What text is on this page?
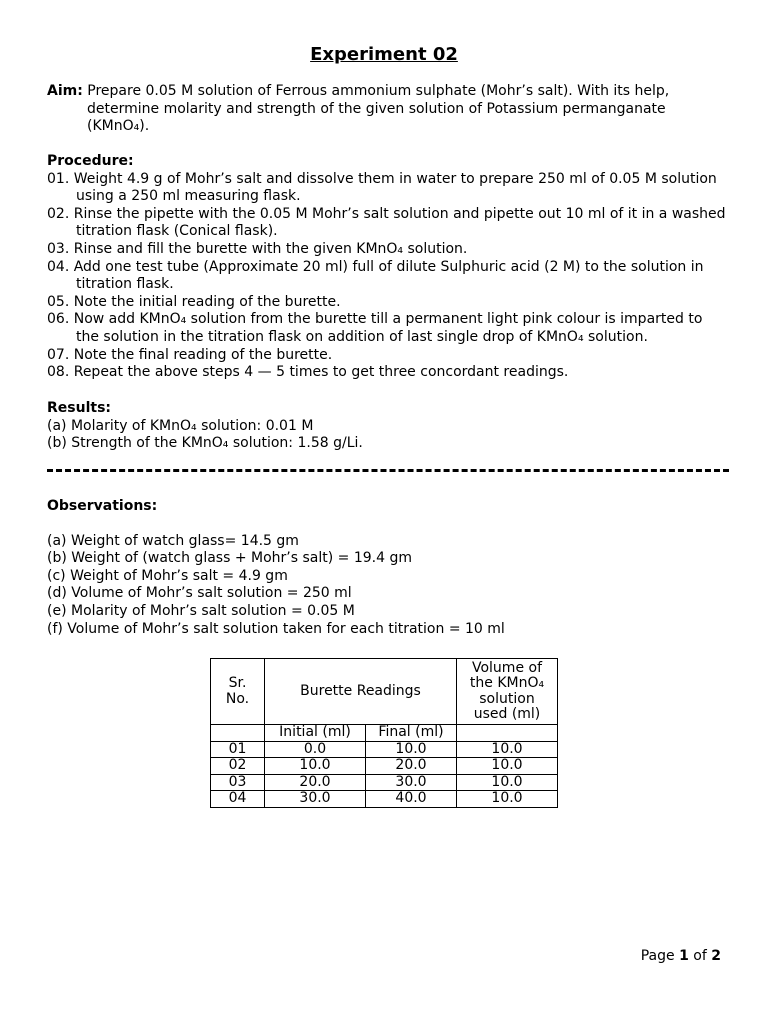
Experiment 02
Aim: Prepare 0.05 M solution of Ferrous ammonium sulphate (Mohr’s salt). With its help, determine molarity and strength of the given solution of Potassium permanganate (KMnO₄).
Procedure:
01. Weight 4.9 g of Mohr’s salt and dissolve them in water to prepare 250 ml of 0.05 M solution using a 250 ml measuring flask.
02. Rinse the pipette with the 0.05 M Mohr’s salt solution and pipette out 10 ml of it in a washed titration flask (Conical flask).
03. Rinse and fill the burette with the given KMnO₄ solution.
04. Add one test tube (Approximate 20 ml) full of dilute Sulphuric acid (2 M) to the solution in titration flask.
05. Note the initial reading of the burette.
06. Now add KMnO₄ solution from the burette till a permanent light pink colour is imparted to the solution in the titration flask on addition of last single drop of KMnO₄ solution.
07. Note the final reading of the burette.
08. Repeat the above steps 4 — 5 times to get three concordant readings.
Results:
(a) Molarity of KMnO₄ solution: 0.01 M
(b) Strength of the KMnO₄ solution: 1.58 g/Li.
Observations:
(a) Weight of watch glass= 14.5 gm
(b) Weight of (watch glass + Mohr’s salt) = 19.4 gm
(c) Weight of Mohr’s salt = 4.9 gm
(d) Volume of Mohr’s salt solution = 250 ml
(e) Molarity of Mohr’s salt solution = 0.05 M
(f) Volume of Mohr’s salt solution taken for each titration = 10 ml
Sr. No.	Burette Readings		Volume of the KMnO₄ solution used (ml)
	Initial (ml)	Final (ml)	
01	0.0	10.0	10.0
02	10.0	20.0	10.0
03	20.0	30.0	10.0
04	30.0	40.0	10.0
Page 1 of 2
